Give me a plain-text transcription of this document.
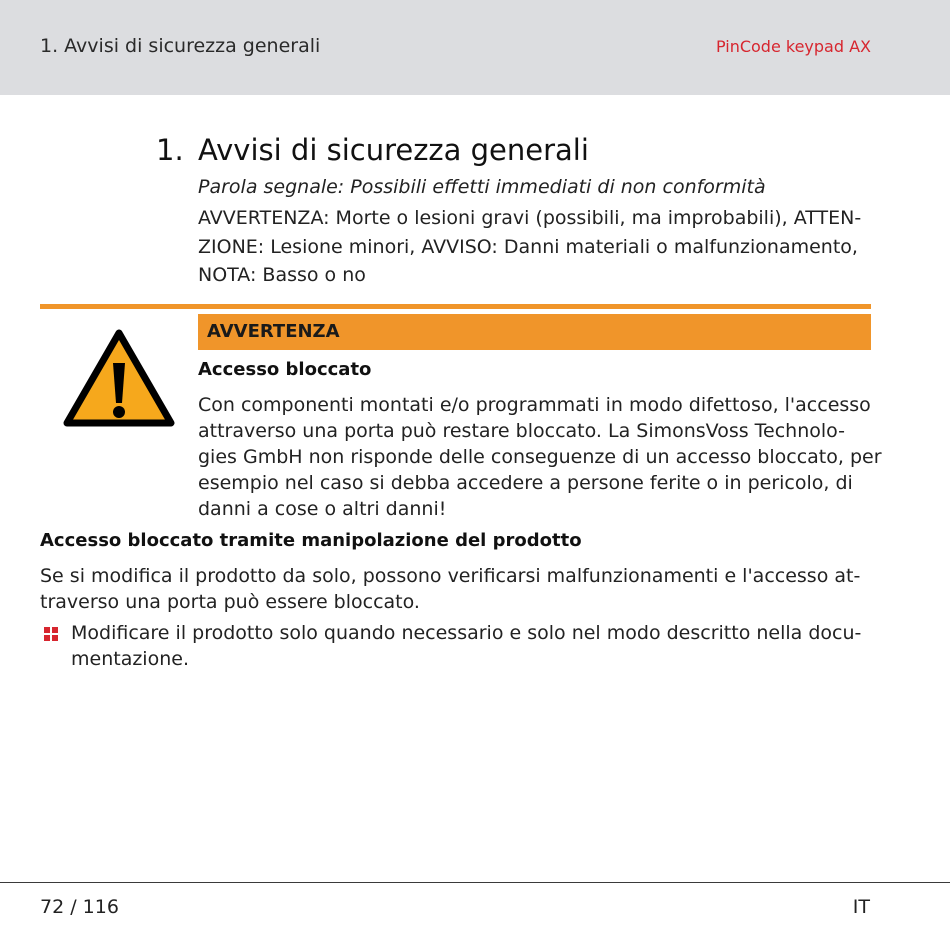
1. Avvisi di sicurezza generali	PinCode keypad AX
1. Avvisi di sicurezza generali
Parola segnale: Possibili effetti immediati di non conformità
AVVERTENZA: Morte o lesioni gravi (possibili, ma improbabili), ATTEN-
ZIONE: Lesione minori, AVVISO: Danni materiali o malfunzionamento,
NOTA: Basso o no
AVVERTENZA
Accesso bloccato
Con componenti montati e/o programmati in modo difettoso, l'accesso
attraverso una porta può restare bloccato. La SimonsVoss Technolo-
gies GmbH non risponde delle conseguenze di un accesso bloccato, per
esempio nel caso si debba accedere a persone ferite o in pericolo, di
danni a cose o altri danni!
Accesso bloccato tramite manipolazione del prodotto
Se si modifica il prodotto da solo, possono verificarsi malfunzionamenti e l'accesso at-
traverso una porta può essere bloccato.
Modificare il prodotto solo quando necessario e solo nel modo descritto nella docu-
mentazione.
72 / 116	IT
